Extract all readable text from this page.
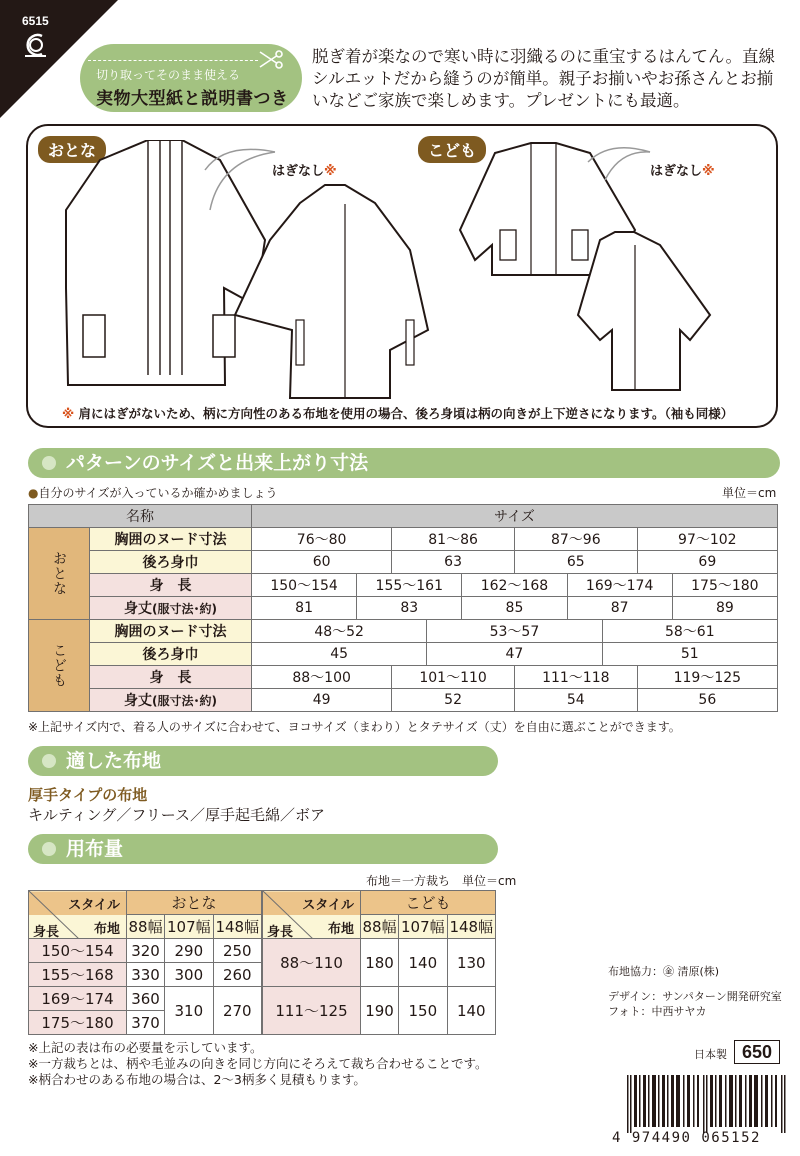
6515
切り取ってそのまま使える
実物大型紙と説明書つき
脱ぎ着が楽なので寒い時に羽織るのに重宝するはんてん。直線シルエットだから縫うのが簡単。親子お揃いやお孫さんとお揃いなどご家族で楽しめます。プレゼントにも最適。
おとな	こども
はぎなし※	はぎなし※
※ 肩にはぎがないため、柄に方向性のある布地を使用の場合、後ろ身頃は柄の向きが上下逆さになります。（袖も同様）
パターンのサイズと出来上がり寸法
●自分のサイズが入っているか確かめましょう	単位＝cm
名称		サイズ									
おとな	胸囲のヌード寸法	76〜80		81〜86			87〜96			97〜102	
	後ろ身巾	60		63			65			69	
	身　長	150〜154	155〜161			162〜168		169〜174			175〜180
	身丈(服寸法･約)	81	83			85		87			89
こども	胸囲のヌード寸法	48〜52			53〜57				58〜61		
	後ろ身巾	45			47				51		
	身　長	88〜100		101〜110			111〜118			119〜125	
	身丈(服寸法･約)	49		52			54			56	
※上記サイズ内で、着る人のサイズに合わせて、ヨコサイズ（まわり）とタテサイズ（丈）を自由に選ぶことができます。
適した布地
厚手タイプの布地
キルティング／フリース／厚手起毛綿／ボア
用布量
布地＝一方裁ち　単位＝cm
スタイル
布地
身長	おとな		
	88幅	107幅	148幅
150〜154	320	290	250
155〜168	330	300	260
169〜174	360	310	270
175〜180	370		
スタイル
布地
身長	こども		
	88幅	107幅	148幅
88〜110	180	140	130
111〜125	190	150	140
※上記の表は布の必要量を示しています。
※一方裁ちとは、柄や毛並みの向きを同じ方向にそろえて裁ち合わせることです。
※柄合わせのある布地の場合は、2〜3柄多く見積もります。
布地協力：㊎ 清原(株)
デザイン：サンパターン開発研究室
フォト：中西サヤカ
日本製 650
4 974490 065152
